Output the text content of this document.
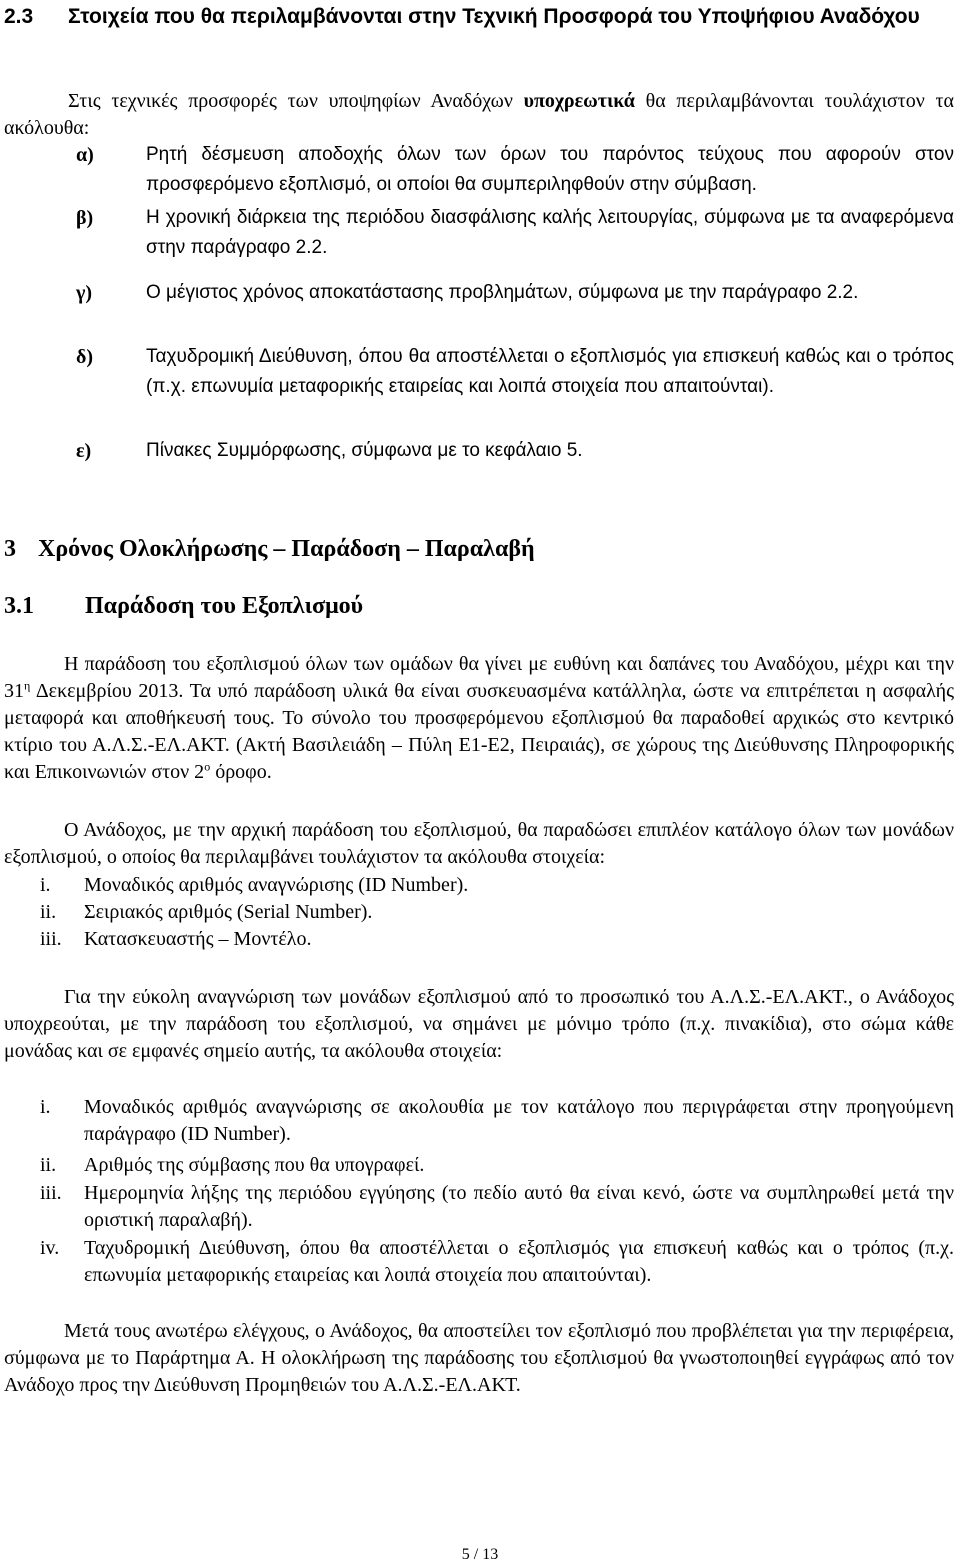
2.3 Στοιχεία που θα περιλαμβάνονται στην Τεχνική Προσφορά του Υποψήφιου Αναδόχου
Στις τεχνικές προσφορές των υποψηφίων Αναδόχων υποχρεωτικά θα περιλαμβάνονται τουλάχιστον τα ακόλουθα:
α)	Ρητή δέσμευση αποδοχής όλων των όρων του παρόντος τεύχους που αφορούν στον προσφερόμενο εξοπλισμό, οι οποίοι θα συμπεριληφθούν στην σύμβαση.
β)	Η χρονική διάρκεια της περιόδου διασφάλισης καλής λειτουργίας, σύμφωνα με τα αναφερόμενα στην παράγραφο 2.2.
γ)	Ο μέγιστος χρόνος αποκατάστασης προβλημάτων, σύμφωνα με την παράγραφο 2.2.
δ)	Ταχυδρομική Διεύθυνση, όπου θα αποστέλλεται ο εξοπλισμός για επισκευή καθώς και ο τρόπος (π.χ. επωνυμία μεταφορικής εταιρείας και λοιπά στοιχεία που απαιτούνται).
ε)	Πίνακες Συμμόρφωσης, σύμφωνα με το κεφάλαιο 5.
3 Χρόνος Ολοκλήρωσης – Παράδοση – Παραλαβή
3.1 Παράδοση του Εξοπλισμού
Η παράδοση του εξοπλισμού όλων των ομάδων θα γίνει με ευθύνη και δαπάνες του Αναδόχου, μέχρι και την $31^\eta$ Δεκεμβρίου 2013. Τα υπό παράδοση υλικά θα είναι συσκευασμένα κατάλληλα, ώστε να επιτρέπεται η ασφαλής μεταφορά και αποθήκευσή τους. Το σύνολο του προσφερόμενου εξοπλισμού θα παραδοθεί αρχικώς στο κεντρικό κτίριο του Α.Λ.Σ.-ΕΛ.ΑΚΤ. (Ακτή Βασιλειάδη – Πύλη Ε1-Ε2, Πειραιάς), σε χώρους της Διεύθυνσης Πληροφορικής και Επικοινωνιών στον $2^o$ όροφο.
Ο Ανάδοχος, με την αρχική παράδοση του εξοπλισμού, θα παραδώσει επιπλέον κατάλογο όλων των μονάδων εξοπλισμού, ο οποίος θα περιλαμβάνει τουλάχιστον τα ακόλουθα στοιχεία:
i. Μοναδικός αριθμός αναγνώρισης (ID Number).
ii. Σειριακός αριθμός (Serial Number).
iii. Κατασκευαστής – Μοντέλο.
Για την εύκολη αναγνώριση των μονάδων εξοπλισμού από το προσωπικό του Α.Λ.Σ.-ΕΛ.ΑΚΤ., ο Ανάδοχος υποχρεούται, με την παράδοση του εξοπλισμού, να σημάνει με μόνιμο τρόπο (π.χ. πινακίδια), στο σώμα κάθε μονάδας και σε εμφανές σημείο αυτής, τα ακόλουθα στοιχεία:
i. Μοναδικός αριθμός αναγνώρισης σε ακολουθία με τον κατάλογο που περιγράφεται στην προηγούμενη παράγραφο (ID Number).
ii. Αριθμός της σύμβασης που θα υπογραφεί.
iii. Ημερομηνία λήξης της περιόδου εγγύησης (το πεδίο αυτό θα είναι κενό, ώστε να συμπληρωθεί μετά την οριστική παραλαβή).
iv. Ταχυδρομική Διεύθυνση, όπου θα αποστέλλεται ο εξοπλισμός για επισκευή καθώς και ο τρόπος (π.χ. επωνυμία μεταφορικής εταιρείας και λοιπά στοιχεία που απαιτούνται).
Μετά τους ανωτέρω ελέγχους, ο Ανάδοχος, θα αποστείλει τον εξοπλισμό που προβλέπεται για την περιφέρεια, σύμφωνα με το Παράρτημα Α. Η ολοκλήρωση της παράδοσης του εξοπλισμού θα γνωστοποιηθεί εγγράφως από τον Ανάδοχο προς την Διεύθυνση Προμηθειών του Α.Λ.Σ.-ΕΛ.ΑΚΤ.
5 / 13
